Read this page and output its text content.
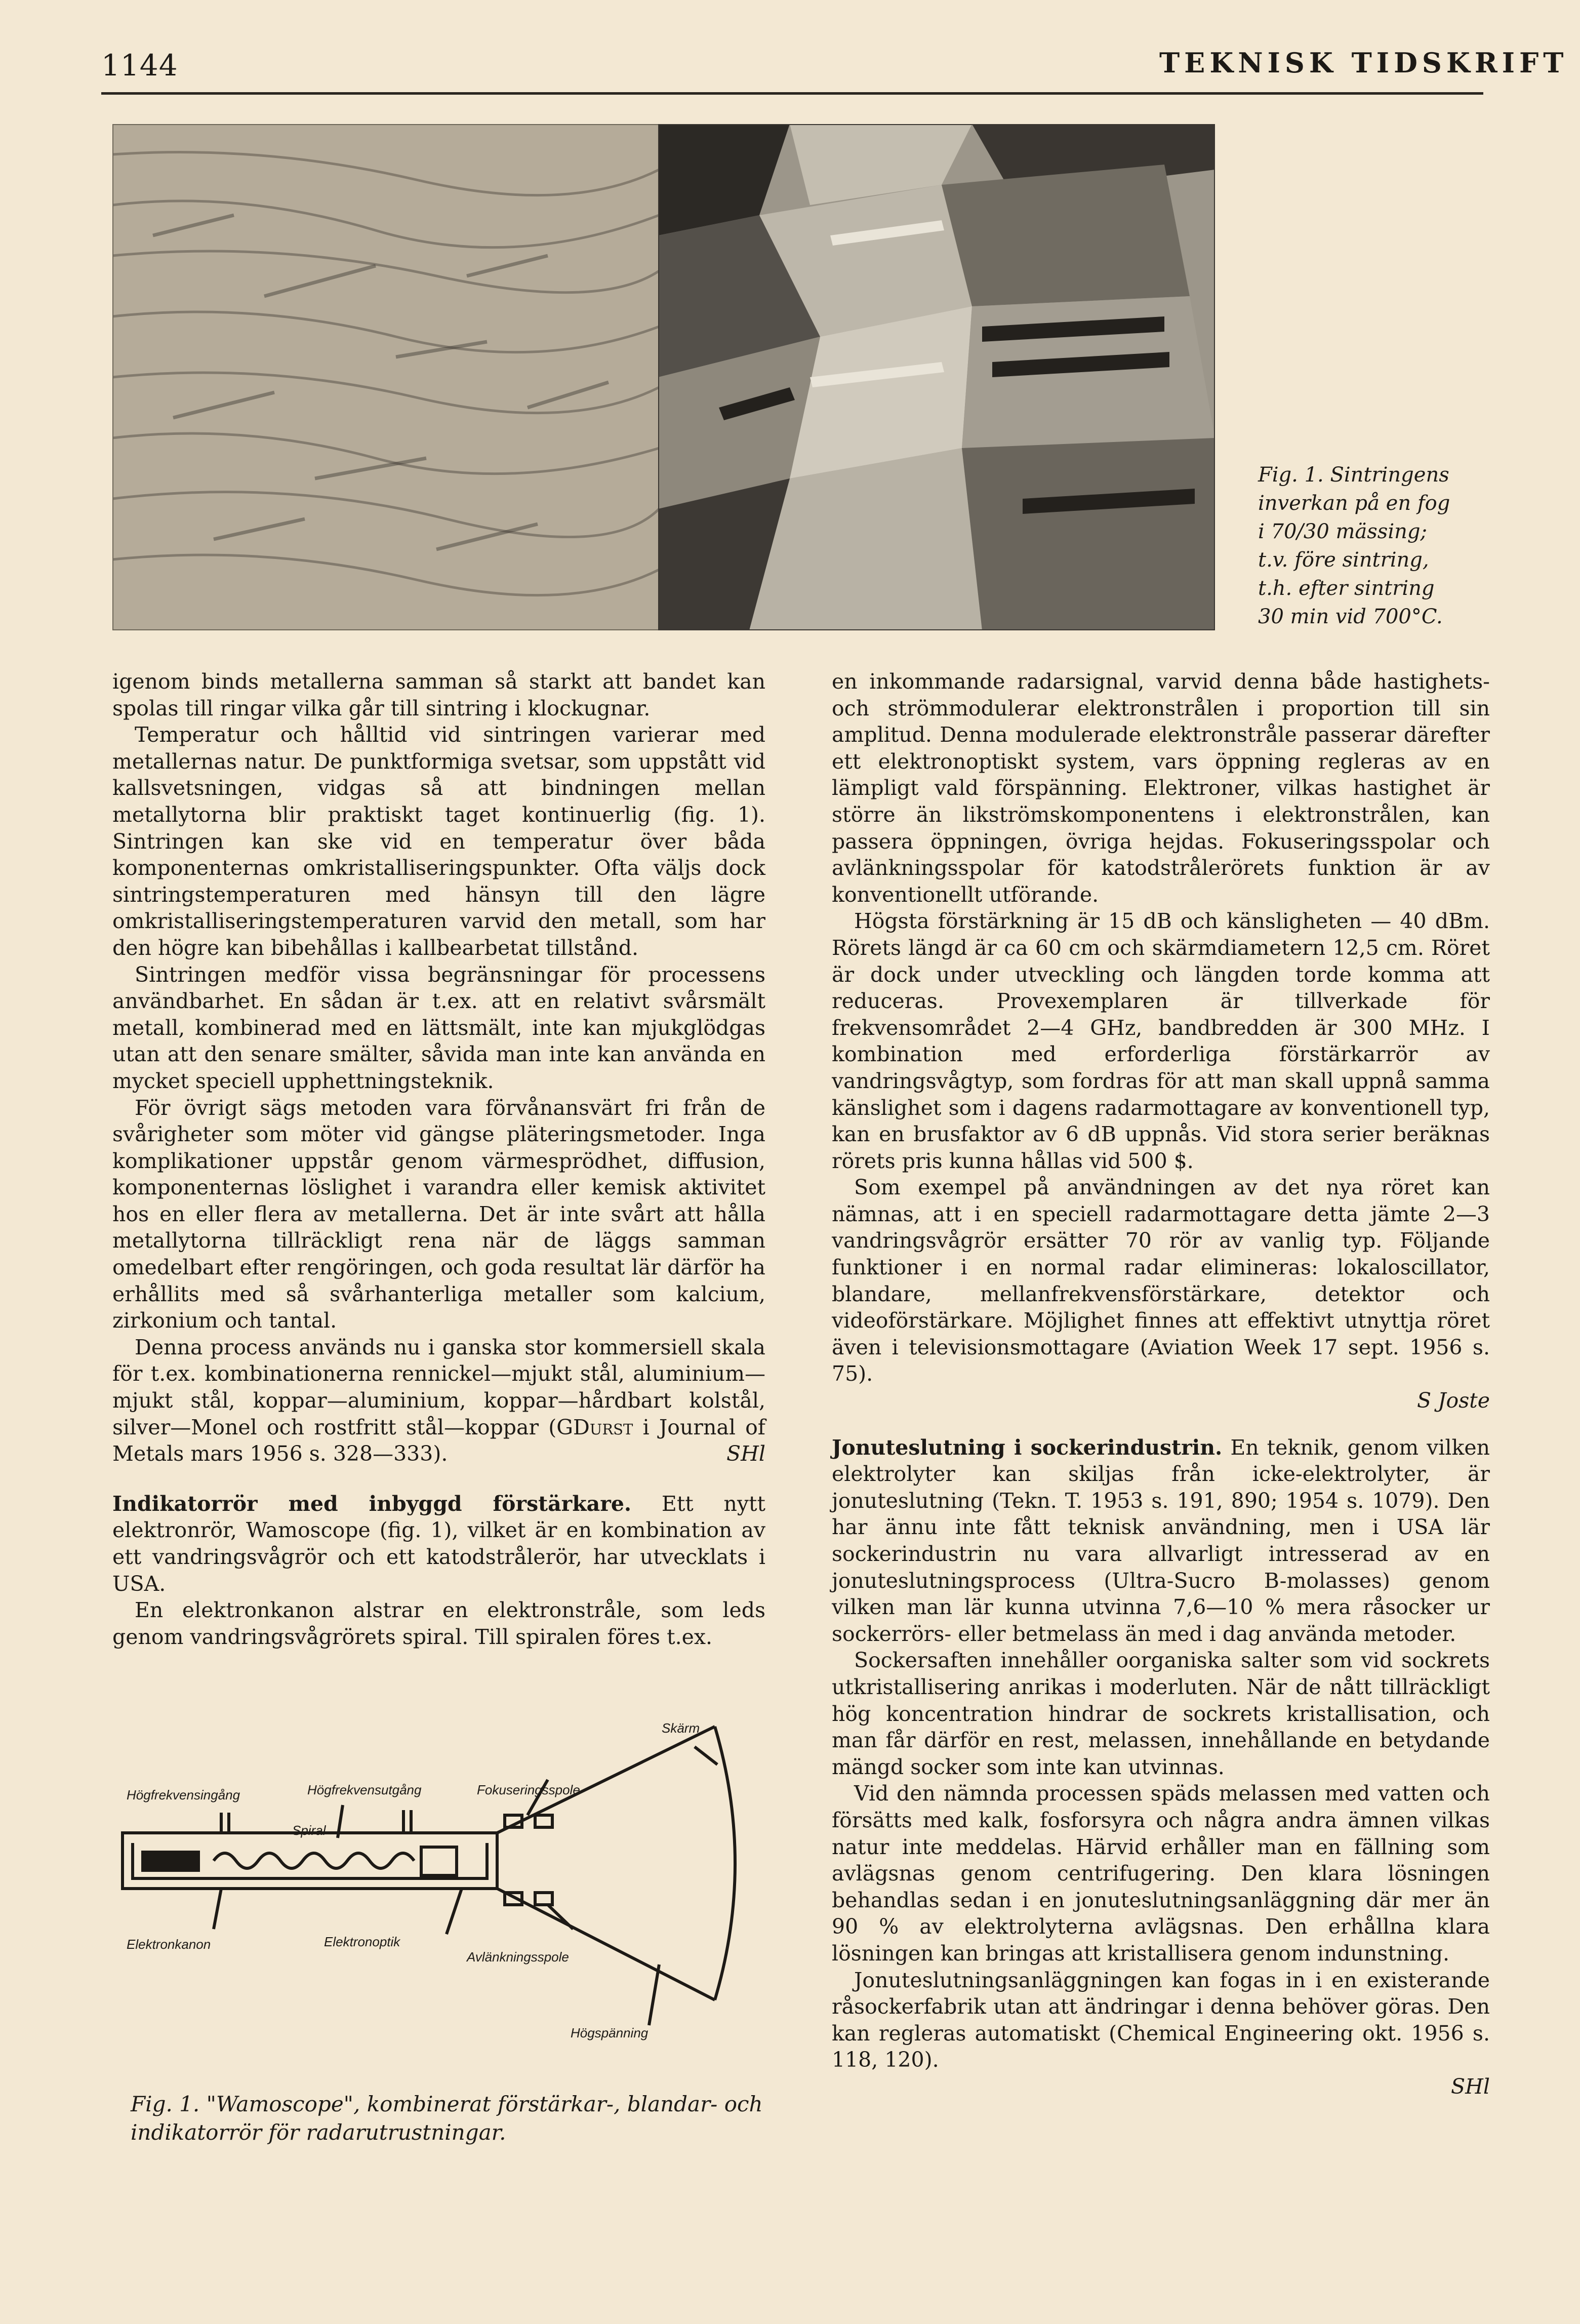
1144	TEKNISK TIDSKRIFT
Fig. 1. Sintringens
inverkan på en fog
i 70/30 mässing;
t.v. före sintring,
t.h. efter sintring
30 min vid 700°C.

igenom binds metallerna samman så starkt att bandet kan spolas till ringar vilka går till sintring i klockugnar.

Temperatur och hålltid vid sintringen varierar med metallernas natur. De punktformiga svetsar, som uppstått vid kallsvetsningen, vidgas så att bindningen mellan metallytorna blir praktiskt taget kontinuerlig (fig. 1). Sintringen kan ske vid en temperatur över båda komponenternas omkristalliseringspunkter. Ofta väljs dock sintringstemperaturen med hänsyn till den lägre omkristalliseringstemperaturen varvid den metall, som har den högre kan bibehållas i kallbearbetat tillstånd.

Sintringen medför vissa begränsningar för processens användbarhet. En sådan är t.ex. att en relativt svårsmält metall, kombinerad med en lättsmält, inte kan mjukglödgas utan att den senare smälter, såvida man inte kan använda en mycket speciell upphettningsteknik.

För övrigt sägs metoden vara förvånansvärt fri från de svårigheter som möter vid gängse pläteringsmetoder. Inga komplikationer uppstår genom värmesprödhet, diffusion, komponenternas löslighet i varandra eller kemisk aktivitet hos en eller flera av metallerna. Det är inte svårt att hålla metallytorna tillräckligt rena när de läggs samman omedelbart efter rengöringen, och goda resultat lär därför ha erhållits med så svårhanterliga metaller som kalcium, zirkonium och tantal.

Denna process används nu i ganska stor kommersiell skala för t.ex. kombinationerna rennickel—mjukt stål, aluminium—mjukt stål, koppar—aluminium, koppar—hårdbart kolstål, silver—Monel och rostfritt stål—koppar (GDurst i Journal of Metals mars 1956 s. 328—333).	SHl

Indikatorrör med inbyggd förstärkare. Ett nytt elektronrör, Wamoscope (fig. 1), vilket är en kombination av ett vandringsvågrör och ett katodstrålerör, har utvecklats i USA.

En elektronkanon alstrar en elektronstråle, som leds genom vandringsvågrörets spiral. Till spiralen föres t.ex.

Skärm
Högfrekvensingång	Högfrekvensutgång	Fokuseringsspole
Spiral
Elektronkanon	Elektronoptik
Avlänkningsspole
Högspänning
Fig. 1. "Wamoscope", kombinerat förstärkar-, blandar- och indikatorrör för radarutrustningar.

en inkommande radarsignal, varvid denna både hastighets- och strömmodulerar elektronstrålen i proportion till sin amplitud. Denna modulerade elektronstråle passerar därefter ett elektronoptiskt system, vars öppning regleras av en lämpligt vald förspänning. Elektroner, vilkas hastighet är större än likströmskomponentens i elektronstrålen, kan passera öppningen, övriga hejdas. Fokuseringsspolar och avlänkningsspolar för katodstrålerörets funktion är av konventionellt utförande.

Högsta förstärkning är 15 dB och känsligheten — 40 dBm. Rörets längd är ca 60 cm och skärmdiametern 12,5 cm. Röret är dock under utveckling och längden torde komma att reduceras. Provexemplaren är tillverkade för frekvensområdet 2—4 GHz, bandbredden är 300 MHz. I kombination med erforderliga förstärkarrör av vandringsvågtyp, som fordras för att man skall uppnå samma känslighet som i dagens radarmottagare av konventionell typ, kan en brusfaktor av 6 dB uppnås. Vid stora serier beräknas rörets pris kunna hållas vid 500 $.

Som exempel på användningen av det nya röret kan nämnas, att i en speciell radarmottagare detta jämte 2—3 vandringsvågrör ersätter 70 rör av vanlig typ. Följande funktioner i en normal radar elimineras: lokaloscillator, blandare, mellanfrekvensförstärkare, detektor och videoförstärkare. Möjlighet finnes att effektivt utnyttja röret även i televisionsmottagare (Aviation Week 17 sept. 1956 s. 75).

S Joste

Jonuteslutning i sockerindustrin. En teknik, genom vilken elektrolyter kan skiljas från icke-elektrolyter, är jonuteslutning (Tekn. T. 1953 s. 191, 890; 1954 s. 1079). Den har ännu inte fått teknisk användning, men i USA lär sockerindustrin nu vara allvarligt intresserad av en jonuteslutningsprocess (Ultra-Sucro B-molasses) genom vilken man lär kunna utvinna 7,6—10 % mera råsocker ur sockerrörs- eller betmelass än med i dag använda metoder.

Sockersaften innehåller oorganiska salter som vid sockrets utkristallisering anrikas i moderluten. När de nått tillräckligt hög koncentration hindrar de sockrets kristallisation, och man får därför en rest, melassen, innehållande en betydande mängd socker som inte kan utvinnas.

Vid den nämnda processen späds melassen med vatten och försätts med kalk, fosforsyra och några andra ämnen vilkas natur inte meddelas. Härvid erhåller man en fällning som avlägsnas genom centrifugering. Den klara lösningen behandlas sedan i en jonuteslutningsanläggning där mer än 90 % av elektrolyterna avlägsnas. Den erhållna klara lösningen kan bringas att kristallisera genom indunstning.

Jonuteslutningsanläggningen kan fogas in i en existerande råsockerfabrik utan att ändringar i denna behöver göras. Den kan regleras automatiskt (Chemical Engineering okt. 1956 s. 118, 120).

SHl
